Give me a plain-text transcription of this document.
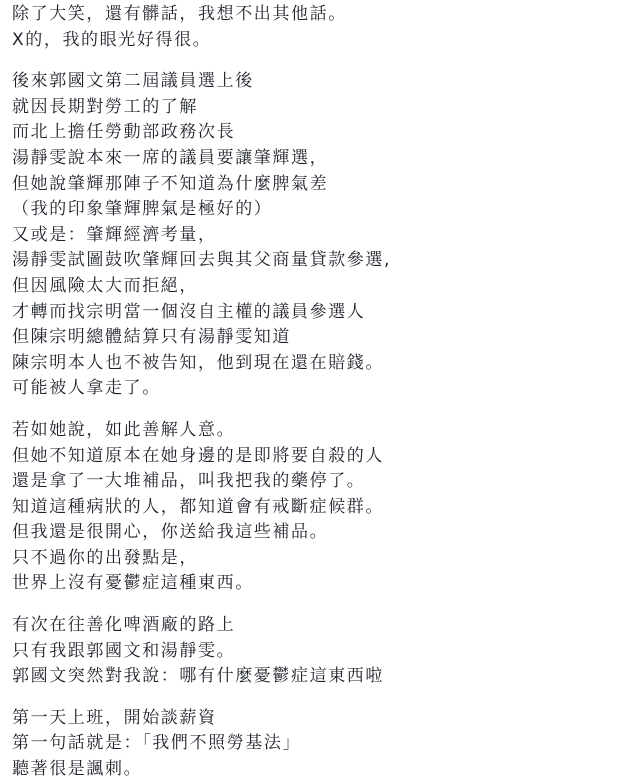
除了大笑，還有髒話，我想不出其他話。
X的，我的眼光好得很。
後來郭國文第二屆議員選上後
就因長期對勞工的了解
而北上擔任勞動部政務次長
湯靜雯說本來一席的議員要讓肇輝選，
但她說肇輝那陣子不知道為什麼脾氣差
（我的印象肇輝脾氣是極好的）
又或是：肇輝經濟考量，
湯靜雯試圖鼓吹肇輝回去與其父商量貸款參選,
但因風險太大而拒絕，
才轉而找宗明當一個沒自主權的議員參選人
但陳宗明總體結算只有湯靜雯知道
陳宗明本人也不被告知，他到現在還在賠錢。
可能被人拿走了。
若如她說，如此善解人意。
但她不知道原本在她身邊的是即將要自殺的人
還是拿了一大堆補品，叫我把我的藥停了。
知道這種病狀的人，都知道會有戒斷症候群。
但我還是很開心，你送給我這些補品。
只不過你的出發點是，
世界上沒有憂鬱症這種東西。
有次在往善化啤酒廠的路上
只有我跟郭國文和湯靜雯。
郭國文突然對我說：哪有什麼憂鬱症這東西啦
第一天上班，開始談薪資
第一句話就是：「我們不照勞基法」
聽著很是諷刺。
